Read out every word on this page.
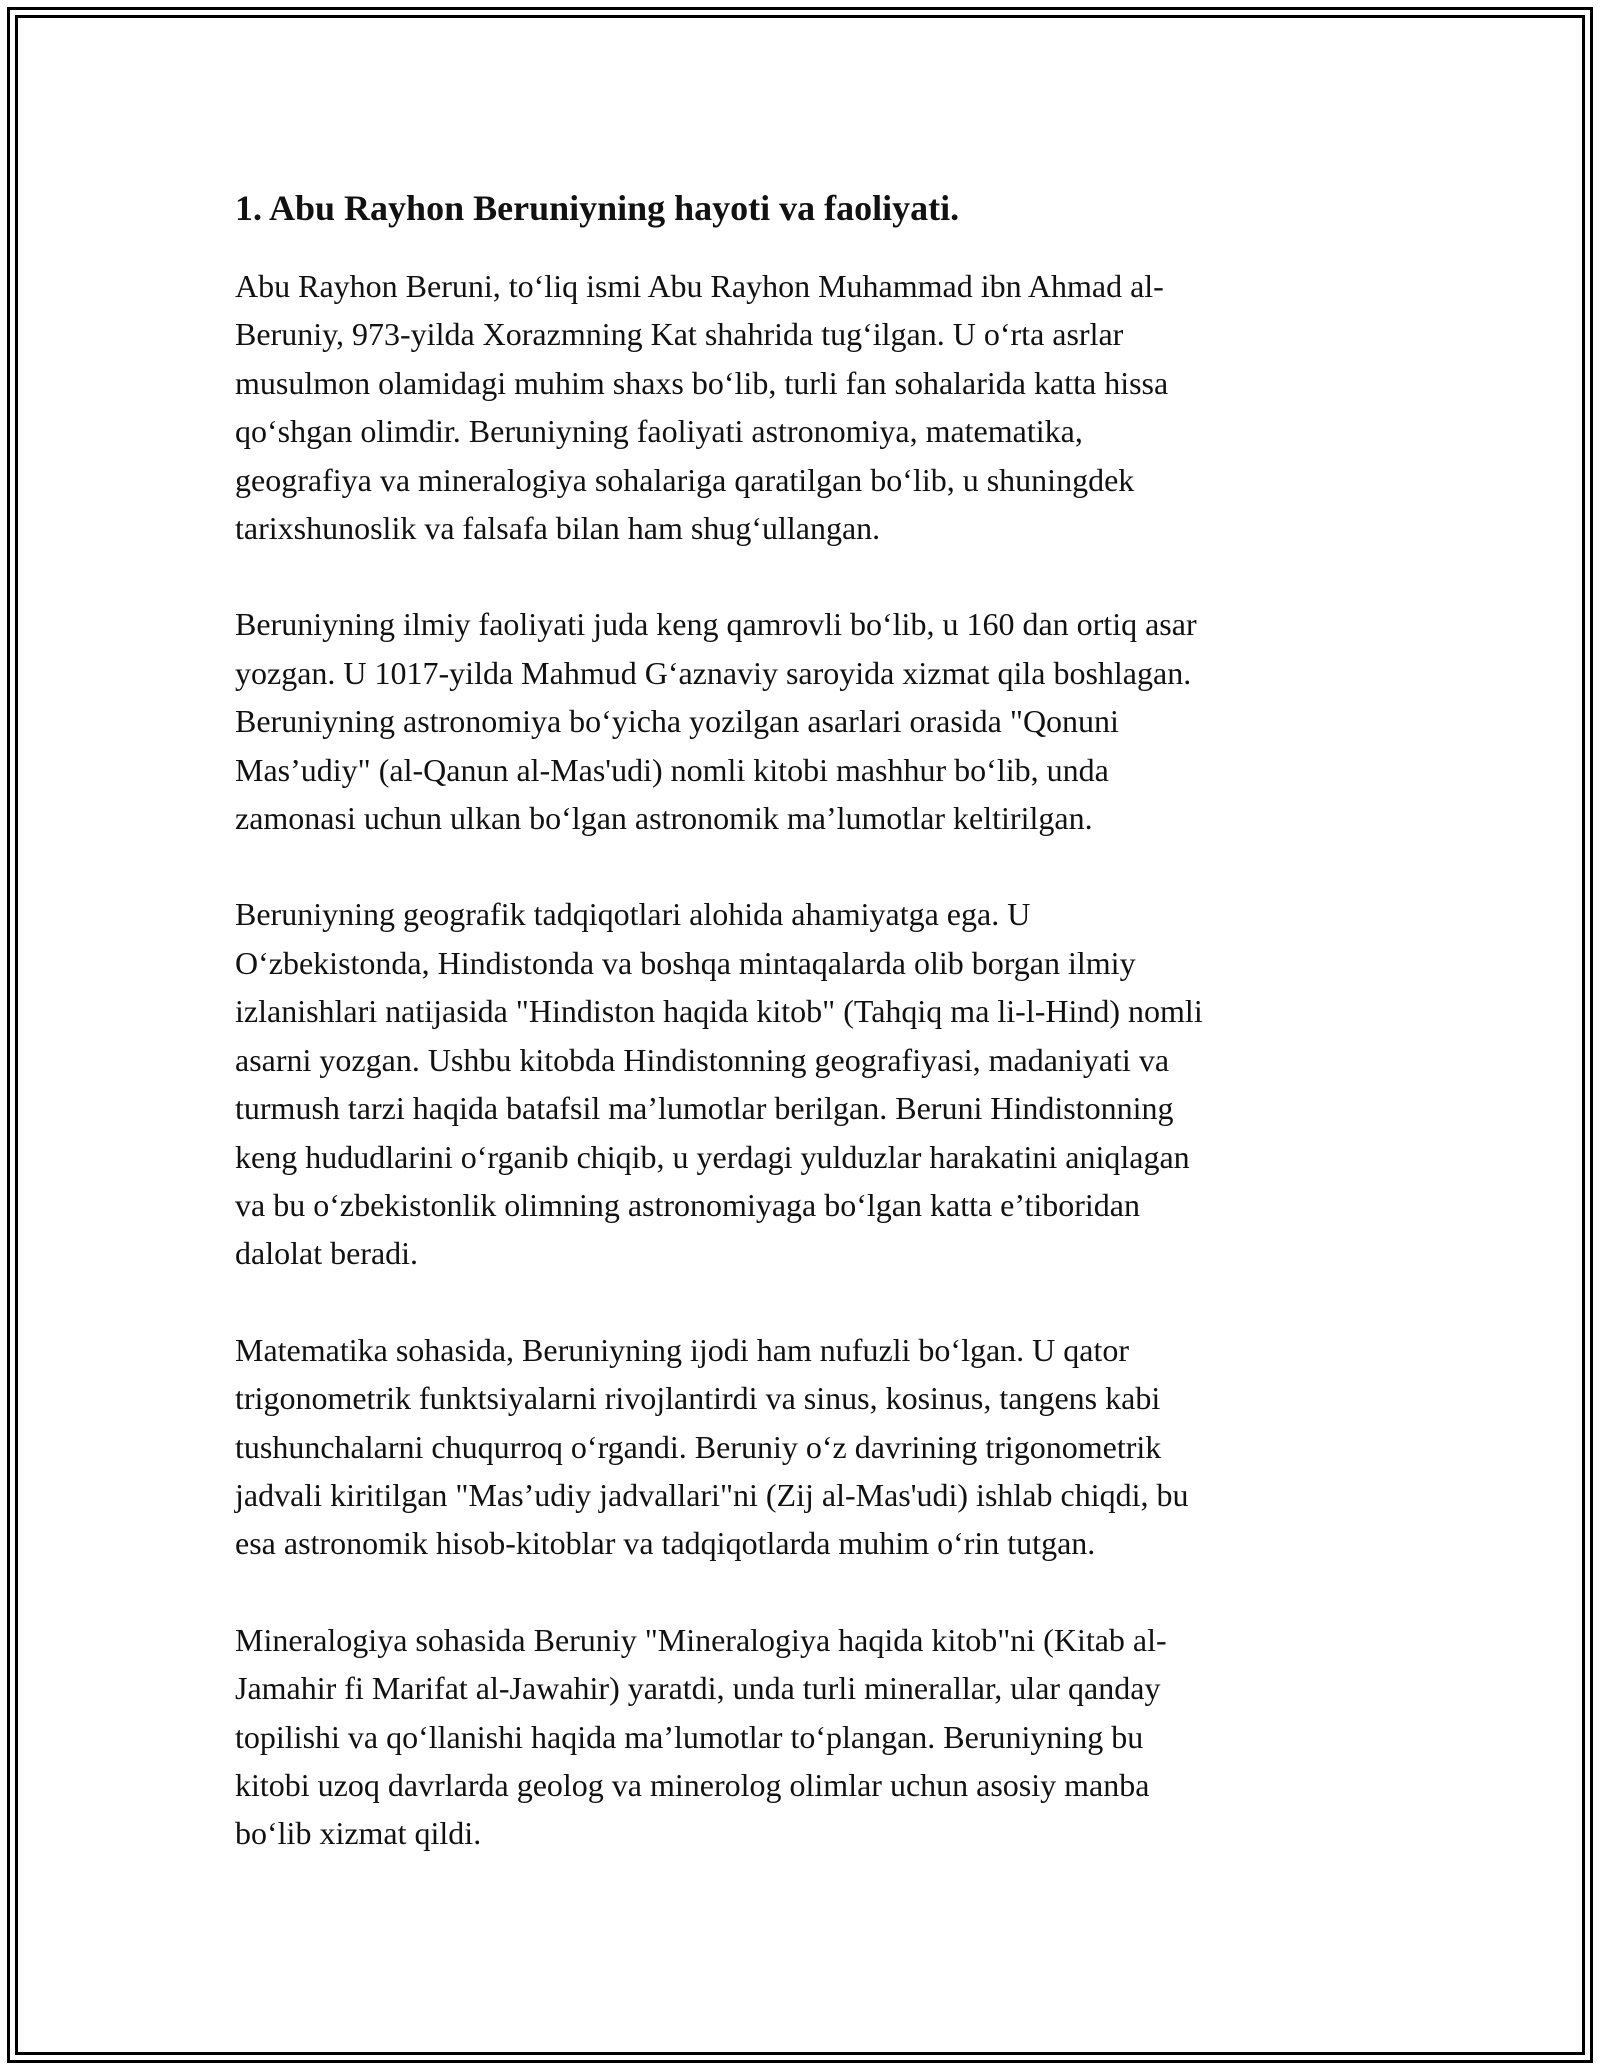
1. Abu Rayhon Beruniyning hayoti va faoliyati.
Abu Rayhon Beruni, to‘liq ismi Abu Rayhon Muhammad ibn Ahmad al-
Beruniy, 973-yilda Xorazmning Kat shahrida tug‘ilgan. U o‘rta asrlar
musulmon olamidagi muhim shaxs bo‘lib, turli fan sohalarida katta hissa
qo‘shgan olimdir. Beruniyning faoliyati astronomiya, matematika,
geografiya va mineralogiya sohalariga qaratilgan bo‘lib, u shuningdek
tarixshunoslik va falsafa bilan ham shug‘ullangan.
Beruniyning ilmiy faoliyati juda keng qamrovli bo‘lib, u 160 dan ortiq asar
yozgan. U 1017-yilda Mahmud G‘aznaviy saroyida xizmat qila boshlagan.
Beruniyning astronomiya bo‘yicha yozilgan asarlari orasida "Qonuni
Mas’udiy" (al-Qanun al-Mas'udi) nomli kitobi mashhur bo‘lib, unda
zamonasi uchun ulkan bo‘lgan astronomik ma’lumotlar keltirilgan.
Beruniyning geografik tadqiqotlari alohida ahamiyatga ega. U
O‘zbekistonda, Hindistonda va boshqa mintaqalarda olib borgan ilmiy
izlanishlari natijasida "Hindiston haqida kitob" (Tahqiq ma li-l-Hind) nomli
asarni yozgan. Ushbu kitobda Hindistonning geografiyasi, madaniyati va
turmush tarzi haqida batafsil ma’lumotlar berilgan. Beruni Hindistonning
keng hududlarini o‘rganib chiqib, u yerdagi yulduzlar harakatini aniqlagan
va bu o‘zbekistonlik olimning astronomiyaga bo‘lgan katta e’tiboridan
dalolat beradi.
Matematika sohasida, Beruniyning ijodi ham nufuzli bo‘lgan. U qator
trigonometrik funktsiyalarni rivojlantirdi va sinus, kosinus, tangens kabi
tushunchalarni chuqurroq o‘rgandi. Beruniy o‘z davrining trigonometrik
jadvali kiritilgan "Mas’udiy jadvallari"ni (Zij al-Mas'udi) ishlab chiqdi, bu
esa astronomik hisob-kitoblar va tadqiqotlarda muhim o‘rin tutgan.
Mineralogiya sohasida Beruniy "Mineralogiya haqida kitob"ni (Kitab al-
Jamahir fi Marifat al-Jawahir) yaratdi, unda turli minerallar, ular qanday
topilishi va qo‘llanishi haqida ma’lumotlar to‘plangan. Beruniyning bu
kitobi uzoq davrlarda geolog va minerolog olimlar uchun asosiy manba
bo‘lib xizmat qildi.
